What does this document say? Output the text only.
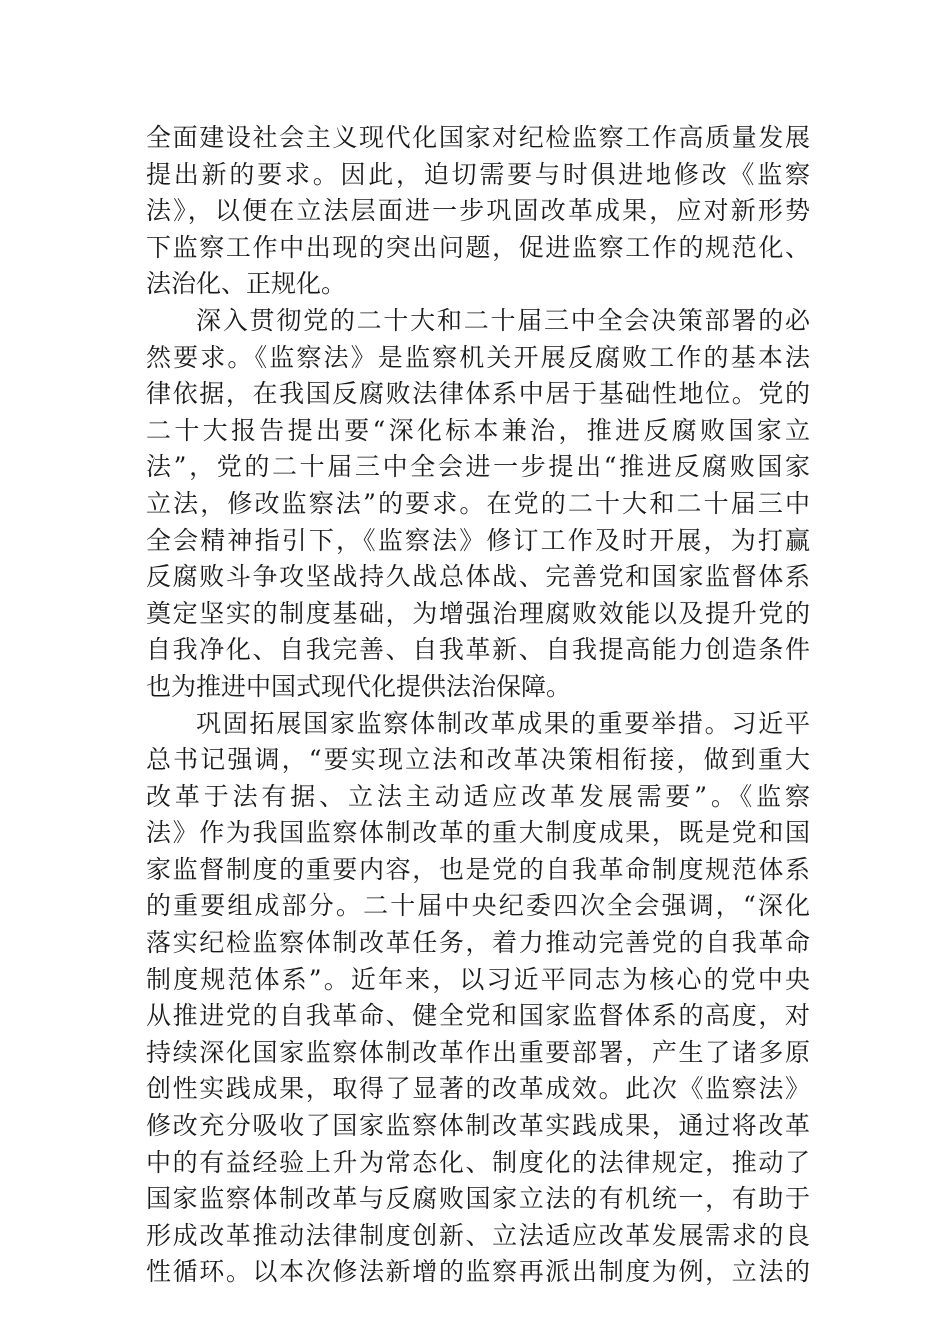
全面建设社会主义现代化国家对纪检监察工作高质量发展
提出新的要求。因此，迫切需要与时俱进地修改《监察
法》，以便在立法层面进一步巩固改革成果，应对新形势
下监察工作中出现的突出问题，促进监察工作的规范化、
法治化、正规化。
深入贯彻党的二十大和二十届三中全会决策部署的必
然要求。《监察法》是监察机关开展反腐败工作的基本法
律依据，在我国反腐败法律体系中居于基础性地位。党的
二十大报告提出要“深化标本兼治，推进反腐败国家立
法”，党的二十届三中全会进一步提出“推进反腐败国家
立法，修改监察法”的要求。在党的二十大和二十届三中
全会精神指引下，《监察法》修订工作及时开展，为打赢
反腐败斗争攻坚战持久战总体战、完善党和国家监督体系
奠定坚实的制度基础，为增强治理腐败效能以及提升党的
自我净化、自我完善、自我革新、自我提高能力创造条件
也为推进中国式现代化提供法治保障。
巩固拓展国家监察体制改革成果的重要举措。习近平
总书记强调，“要实现立法和改革决策相衔接，做到重大
改革于法有据、立法主动适应改革发展需要”。《监察
法》作为我国监察体制改革的重大制度成果，既是党和国
家监督制度的重要内容，也是党的自我革命制度规范体系
的重要组成部分。二十届中央纪委四次全会强调，“深化
落实纪检监察体制改革任务，着力推动完善党的自我革命
制度规范体系”。近年来，以习近平同志为核心的党中央
从推进党的自我革命、健全党和国家监督体系的高度，对
持续深化国家监察体制改革作出重要部署，产生了诸多原
创性实践成果，取得了显著的改革成效。此次《监察法》
修改充分吸收了国家监察体制改革实践成果，通过将改革
中的有益经验上升为常态化、制度化的法律规定，推动了
国家监察体制改革与反腐败国家立法的有机统一，有助于
形成改革推动法律制度创新、立法适应改革发展需求的良
性循环。以本次修法新增的监察再派出制度为例，立法的
